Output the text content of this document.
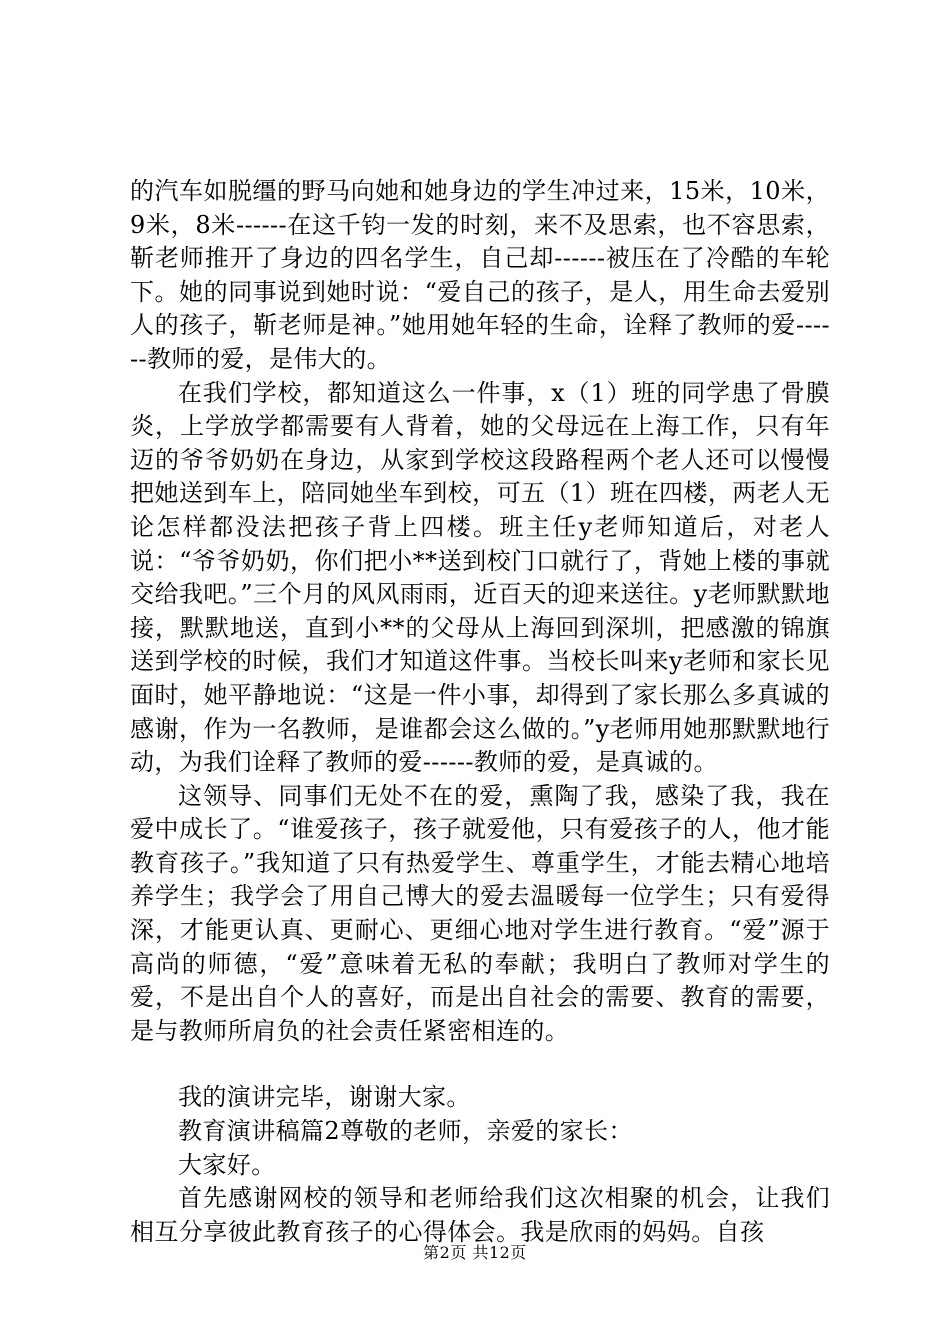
的汽车如脱缰的野马向她和她身边的学生冲过来，15米，10米，9米，8米------在这千钧一发的时刻，来不及思索，也不容思索，靳老师推开了身边的四名学生，自己却------被压在了冷酷的车轮下。她的同事说到她时说：“爱自己的孩子，是人，用生命去爱别人的孩子，靳老师是神。”她用她年轻的生命，诠释了教师的爱------教师的爱，是伟大的。

在我们学校，都知道这么一件事，x（1）班的同学患了骨膜炎，上学放学都需要有人背着，她的父母远在上海工作，只有年迈的爷爷奶奶在身边，从家到学校这段路程两个老人还可以慢慢把她送到车上，陪同她坐车到校，可五（1）班在四楼，两老人无论怎样都没法把孩子背上四楼。班主任y老师知道后，对老人说：“爷爷奶奶，你们把小**送到校门口就行了，背她上楼的事就交给我吧。”三个月的风风雨雨，近百天的迎来送往。y老师默默地接，默默地送，直到小**的父母从上海回到深圳，把感激的锦旗送到学校的时候，我们才知道这件事。当校长叫来y老师和家长见面时，她平静地说：“这是一件小事，却得到了家长那么多真诚的感谢，作为一名教师，是谁都会这么做的。”y老师用她那默默地行动，为我们诠释了教师的爱------教师的爱，是真诚的。

这领导、同事们无处不在的爱，熏陶了我，感染了我，我在爱中成长了。“谁爱孩子，孩子就爱他，只有爱孩子的人，他才能教育孩子。”我知道了只有热爱学生、尊重学生，才能去精心地培养学生；我学会了用自己博大的爱去温暖每一位学生；只有爱得深，才能更认真、更耐心、更细心地对学生进行教育。“爱”源于高尚的师德，“爱”意味着无私的奉献；我明白了教师对学生的爱，不是出自个人的喜好，而是出自社会的需要、教育的需要，是与教师所肩负的社会责任紧密相连的。

我的演讲完毕，谢谢大家。

教育演讲稿篇2尊敬的老师，亲爱的家长：

大家好。

首先感谢网校的领导和老师给我们这次相聚的机会，让我们相互分享彼此教育孩子的心得体会。我是欣雨的妈妈。自孩

第2页 共12页
